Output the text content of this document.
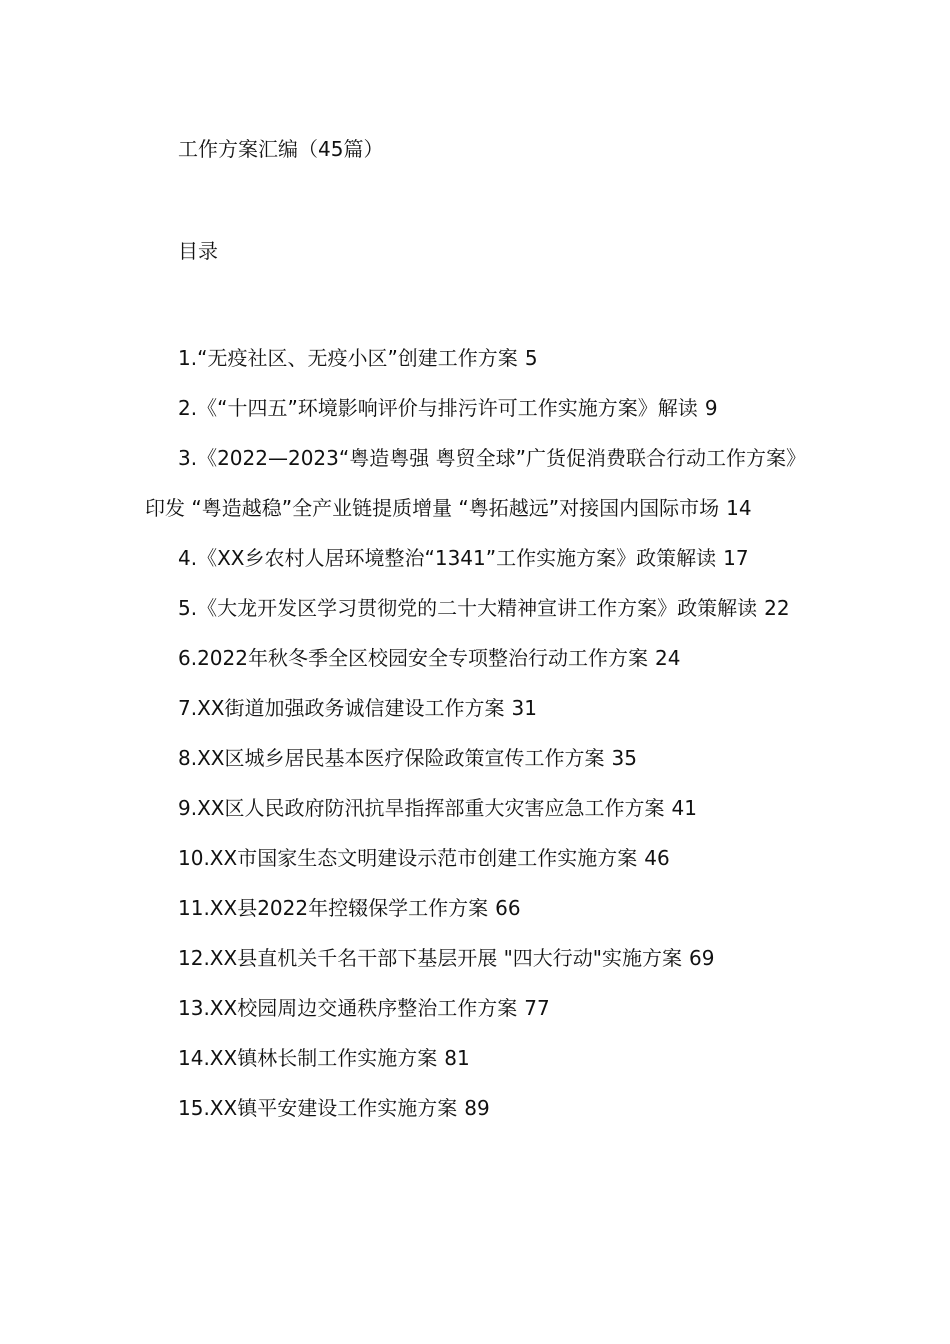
工作方案汇编（45篇）
目录
1.“无疫社区、无疫小区”创建工作方案 5
2.《“十四五”环境影响评价与排污许可工作实施方案》解读 9
3.《2022—2023“粤造粤强 粤贸全球”广货促消费联合行动工作方案》印发 “粤造越稳”全产业链提质增量 “粤拓越远”对接国内国际市场 14
4.《XX乡农村人居环境整治“1341”工作实施方案》政策解读 17
5.《大龙开发区学习贯彻党的二十大精神宣讲工作方案》政策解读 22
6.2022年秋冬季全区校园安全专项整治行动工作方案 24
7.XX街道加强政务诚信建设工作方案 31
8.XX区城乡居民基本医疗保险政策宣传工作方案 35
9.XX区人民政府防汛抗旱指挥部重大灾害应急工作方案 41
10.XX市国家生态文明建设示范市创建工作实施方案 46
11.XX县2022年控辍保学工作方案 66
12.XX县直机关千名干部下基层开展 "四大行动"实施方案 69
13.XX校园周边交通秩序整治工作方案 77
14.XX镇林长制工作实施方案 81
15.XX镇平安建设工作实施方案 89
